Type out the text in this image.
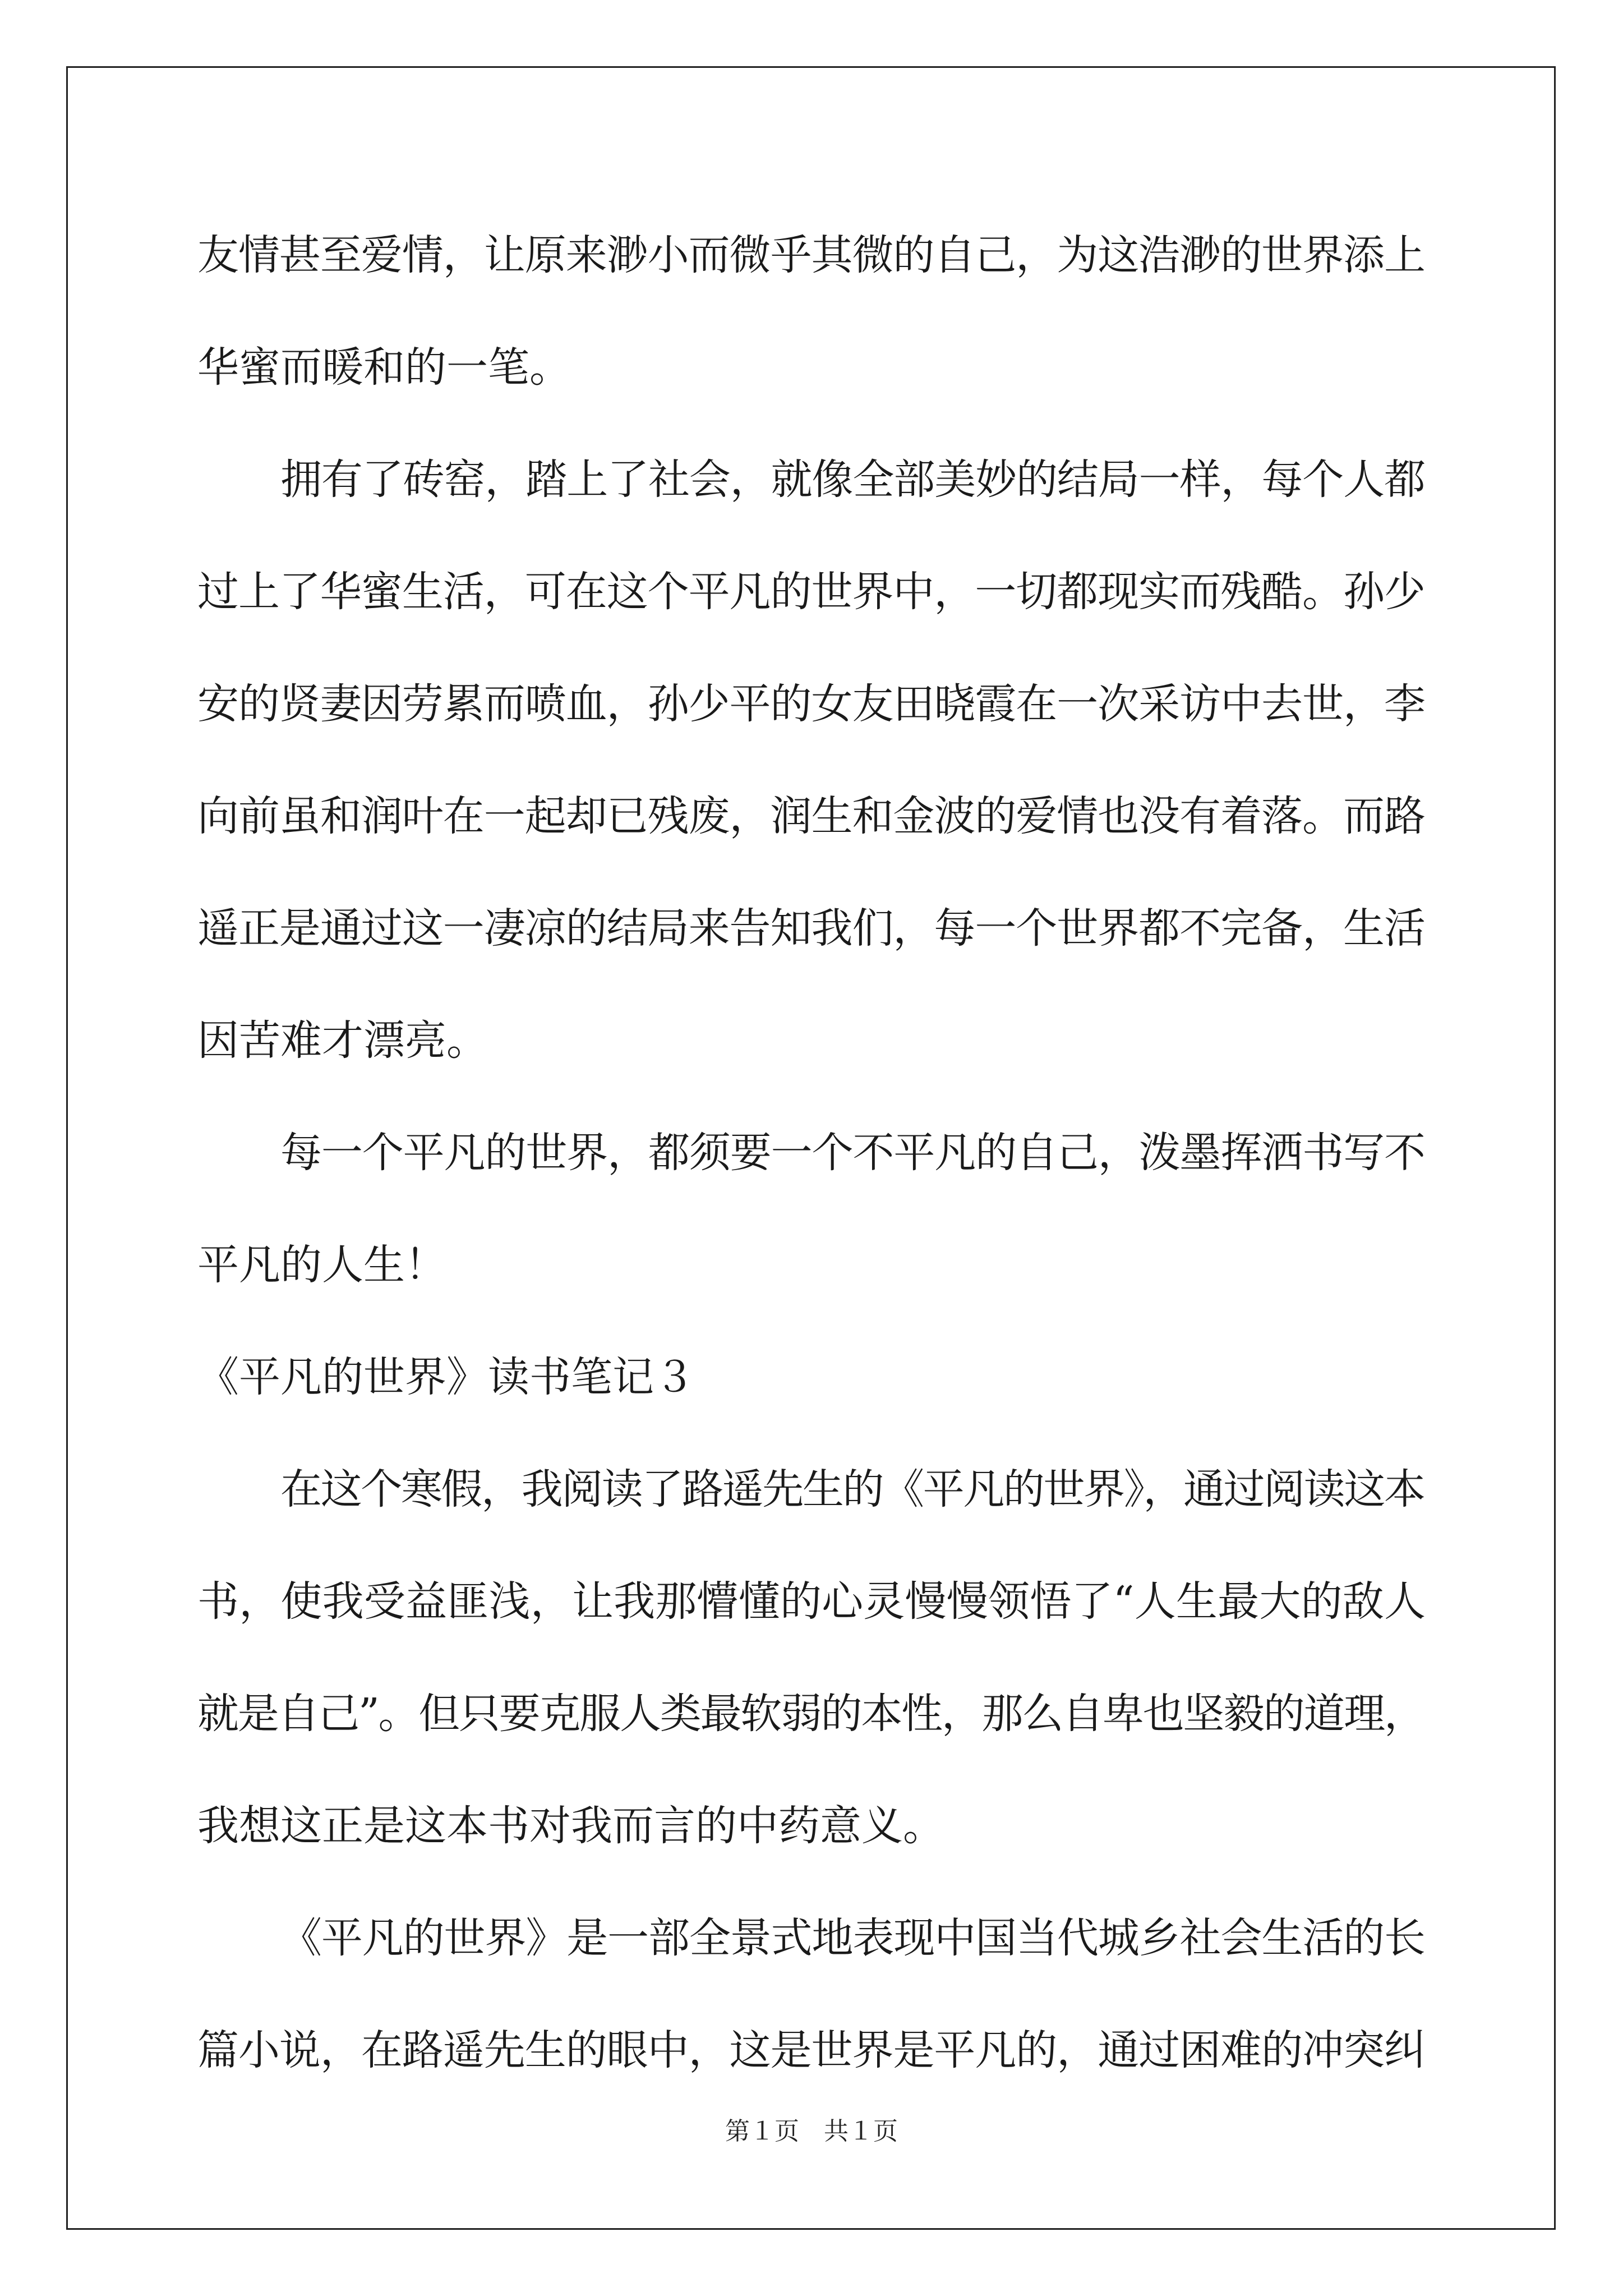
友情甚至爱情，让原来渺小而微乎其微的自己，为这浩渺的世界添上
华蜜而暖和的一笔。
拥有了砖窑，踏上了社会，就像全部美妙的结局一样，每个人都
过上了华蜜生活，可在这个平凡的世界中，一切都现实而残酷。孙少
安的贤妻因劳累而喷血，孙少平的女友田晓霞在一次采访中去世，李
向前虽和润叶在一起却已残废，润生和金波的爱情也没有着落。而路
遥正是通过这一凄凉的结局来告知我们，每一个世界都不完备，生活
因苦难才漂亮。
每一个平凡的世界，都须要一个不平凡的自己，泼墨挥洒书写不
平凡的人生！
《平凡的世界》读书笔记３
在这个寒假，我阅读了路遥先生的《平凡的世界》，通过阅读这本
书，使我受益匪浅，让我那懵懂的心灵慢慢领悟了“人生最大的敌人
就是自己”。但只要克服人类最软弱的本性，那么自卑也坚毅的道理，
我想这正是这本书对我而言的中药意义。
《平凡的世界》是一部全景式地表现中国当代城乡社会生活的长
篇小说，在路遥先生的眼中，这是世界是平凡的，通过困难的冲突纠
第１页　共１页
